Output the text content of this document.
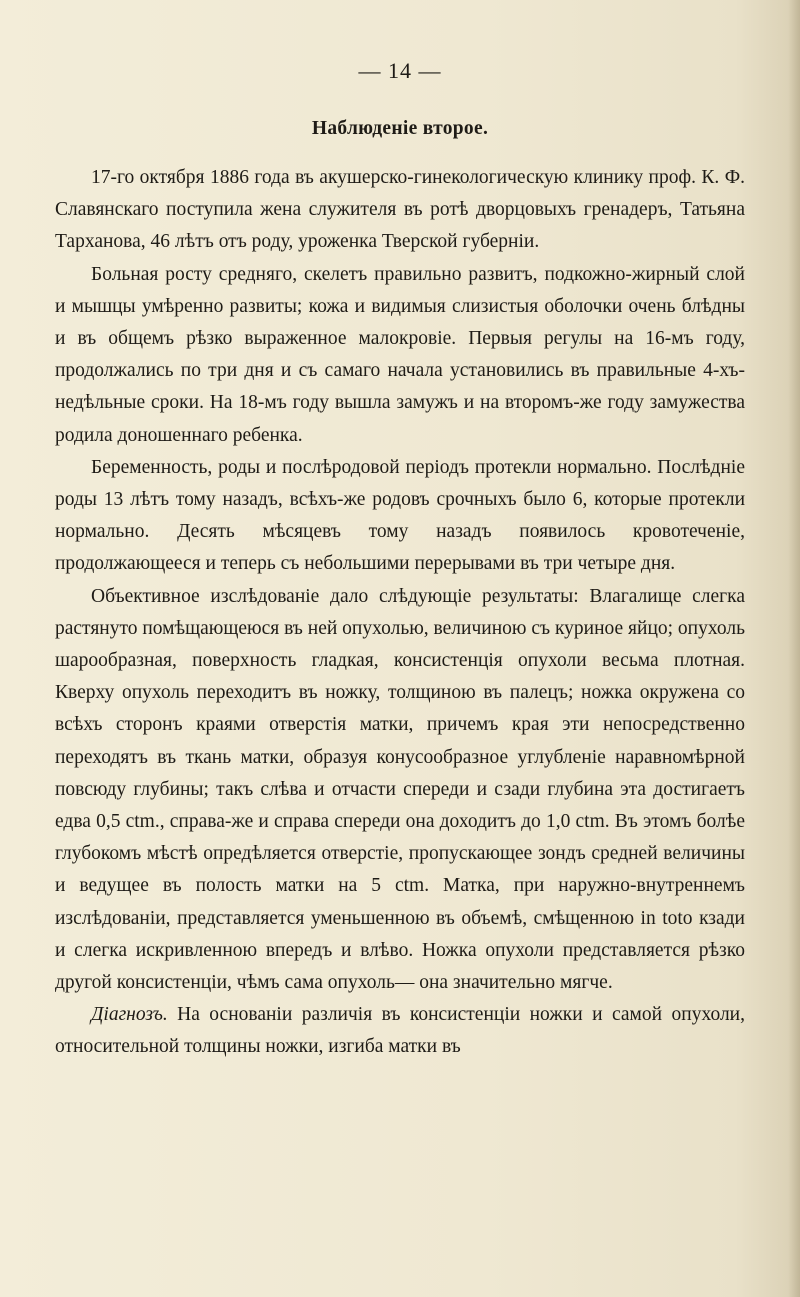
— 14 —
Наблюденіе второе.

17-го октября 1886 года въ акушерско-гинекологическую клинику проф. К. Ф. Славянскаго поступила жена служителя въ ротѣ дворцовыхъ гренадеръ, Татьяна Тарханова, 46 лѣтъ отъ роду, уроженка Тверской губерніи.

Больная росту средняго, скелетъ правильно развитъ, подкожно-жирный слой и мышцы умѣренно развиты; кожа и видимыя слизистыя оболочки очень блѣдны и въ общемъ рѣзко выраженное малокровіе. Первыя регулы на 16-мъ году, продолжались по три дня и съ самаго начала установились въ правильные 4-хъ-недѣльные сроки. На 18-мъ году вышла замужъ и на второмъ-же году замужества родила доношеннаго ребенка.

Беременность, роды и послѣродовой періодъ протекли нормально. Послѣдніе роды 13 лѣтъ тому назадъ, всѣхъ-же родовъ срочныхъ было 6, которые протекли нормально. Десять мѣсяцевъ тому назадъ появилось кровотеченіе, продолжающееся и теперь съ небольшими перерывами въ три четыре дня.

Объективное изслѣдованіе дало слѣдующіе результаты: Влагалище слегка растянуто помѣщающеюся въ ней опухолью, величиною съ куриное яйцо; опухоль шарообразная, поверхность гладкая, консистенція опухоли весьма плотная. Кверху опухоль переходитъ въ ножку, толщиною въ палецъ; ножка окружена со всѣхъ сторонъ краями отверстія матки, причемъ края эти непосредственно переходятъ въ ткань матки, образуя конусообразное углубленіе наравномѣрной повсюду глубины; такъ слѣва и отчасти спереди и сзади глубина эта достигаетъ едва 0,5 ctm., справа-же и справа спереди она доходитъ до 1,0 ctm. Въ этомъ болѣе глубокомъ мѣстѣ опредѣляется отверстіе, пропускающее зондъ средней величины и ведущее въ полость матки на 5 ctm. Матка, при наружно-внутреннемъ изслѣдованіи, представляется уменьшенною въ объемѣ, смѣщенною in toto кзади и слегка искривленною впередъ и влѣво. Ножка опухоли представляется рѣзко другой консистенціи, чѣмъ сама опухоль— она значительно мягче.

Діагнозъ. На основаніи различія въ консистенціи ножки и самой опухоли, относительной толщины ножки, изгиба матки въ
